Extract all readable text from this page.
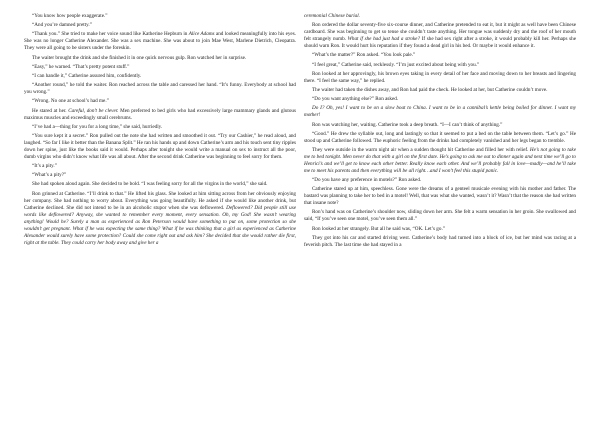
“You know how people exaggerate.”

“And you’re damned pretty.”

“Thank you.” She tried to make her voice sound like Katherine Hepburn in Alice Adams and looked meaningfully into his eyes. She was no longer Catherine Alexander. She was a sex machine. She was about to join Mae West, Marlene Dietrich, Cleopatra. They were all going to be sisters under the foreskin.

The waiter brought the drink and she finished it in one quick nervous gulp. Ron watched her in surprise.

“Easy,” he warned. “That’s pretty potent stuff.”

“I can handle it,” Catherine assured him, confidently.

“Another round,” he told the waiter. Ron reached across the table and caressed her hand. “It’s funny. Everybody at school had you wrong.”

“Wrong. No one at school’s had me.”

He stared at her. Careful, don’t be clever. Men preferred to bed girls who had excessively large mammary glands and glutous maximus muscles and exceedingly small cerebrums.

“I’ve had a—thing for you for a long time,” she said, hurriedly.

“You sure kept it a secret.” Ron pulled out the note she had written and smoothed it out. “Try our Cashier,” he read aloud, and laughed. “So far I like it better than the Banana Split.” He ran his hands up and down Catherine’s arm and his touch sent tiny ripples down her spine, just like the books said it would. Perhaps after tonight she would write a manual on sex to instruct all the poor, dumb virgins who didn’t know what life was all about. After the second drink Catherine was beginning to feel sorry for them.

“It’s a pity.”

“What’s a pity?”

She had spoken aloud again. She decided to be bold. “I was feeling sorry for all the virgins in the world,” she said.

Ron grinned at Catherine. “I’ll drink to that.” He lifted his glass. She looked at him sitting across from her obviously enjoying her company. She had nothing to worry about. Everything was going beautifully. He asked if she would like another drink, but Catherine declined. She did not intend to be in an alcoholic stupor when she was deflowered. Deflowered? Did people still use words like deflowered? Anyway, she wanted to remember every moment, every sensation. Oh, my God! She wasn’t wearing anything! Would he? Surely a man as experienced as Ron Peterson would have something to put on, some protection so she wouldn’t get pregnant. What if he was expecting the same thing? What if he was thinking that a girl as experienced as Catherine Alexander would surely have some protection? Could she come right out and ask him? She decided that she would rather die first, right at the table. They could carry her body away and give her a

ceremonial Chinese burial.

Ron ordered the dollar seventy-five six-course dinner, and Catherine pretended to eat it, but it might as well have been Chinese cardboard. She was beginning to get so tense she couldn’t taste anything. Her tongue was suddenly dry and the roof of her mouth felt strangely numb. What if she had just had a stroke? If she had sex right after a stroke, it would probably kill her. Perhaps she should warn Ron. It would hurt his reputation if they found a dead girl in his bed. Or maybe it would enhance it.

“What’s the matter?” Ron asked. “You look pale.”

“I feel great,” Catherine said, recklessly. “I’m just excited about being with you.”

Ron looked at her approvingly, his brown eyes taking in every detail of her face and moving down to her breasts and lingering there. “I feel the same way,” he replied.

The waiter had taken the dishes away, and Ron had paid the check. He looked at her, but Catherine couldn’t move.

“Do you want anything else?” Ron asked.

Do I? Oh, yes! I want to be on a slow boat to China. I want to be in a cannibal’s kettle being boiled for dinner. I want my mother!

Ron was watching her, waiting. Catherine took a deep breath. “I—I can’t think of anything.”

“Good.” He drew the syllable out, long and lastingly so that it seemed to put a bed on the table between them. “Let’s go.” He stood up and Catherine followed. The euphoric feeling from the drinks had completely vanished and her legs began to tremble.

They were outside in the warm night air when a sudden thought hit Catherine and filled her with relief. He’s not going to take me to bed tonight. Men never do that with a girl on the first date. He’s going to ask me out to dinner again and next time we’ll go to Henrici’s and we’ll get to know each other better. Really know each other. And we’ll probably fall in love—madly—and he’ll take me to meet his parents and then everything will be all right…and I won’t feel this stupid panic.

“Do you have any preference in motels?” Ron asked.

Catherine stared up at him, speechless. Gone were the dreams of a genteel musicale evening with his mother and father. The bastard was planning to take her to bed in a motel! Well, that was what she wanted, wasn’t it? Wasn’t that the reason she had written that insane note?

Ron’s hand was on Catherine’s shoulder now, sliding down her arm. She felt a warm sensation in her groin. She swallowed and said, “If you’ve seen one motel, you’ve seen them all.”

Ron looked at her strangely. But all he said was, “OK. Let’s go.”

They got into his car and started driving west. Catherine’s body had turned into a block of ice, but her mind was racing at a feverish pitch. The last time she had stayed in a
